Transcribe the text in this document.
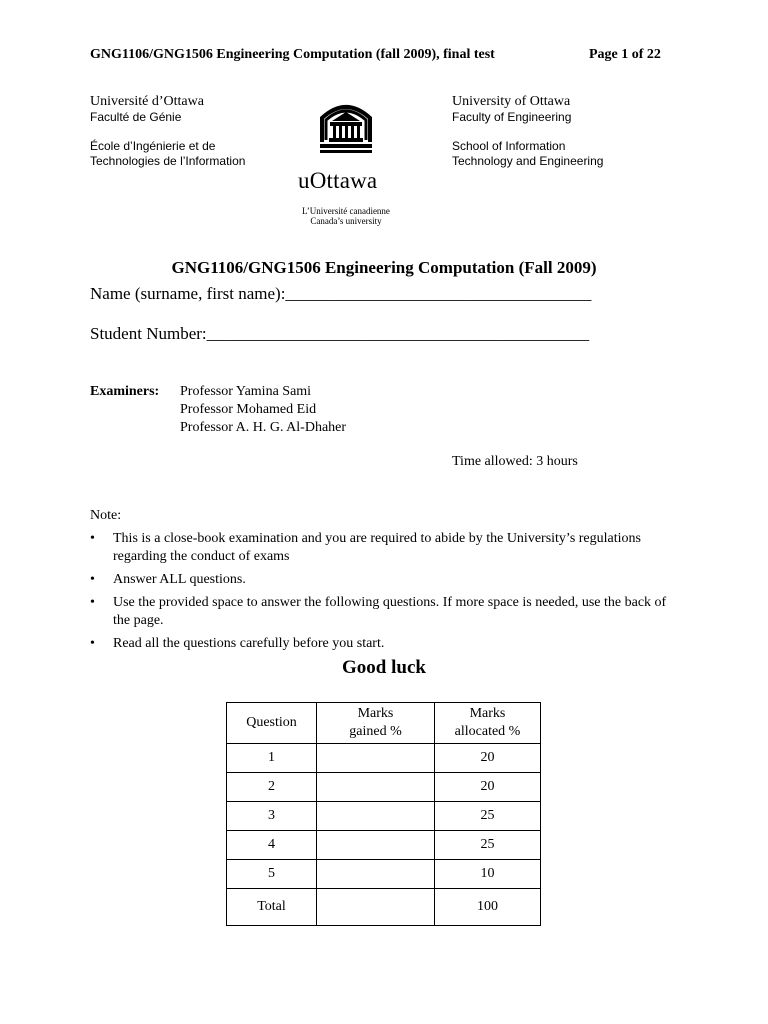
GNG1106/GNG1506 Engineering Computation (fall 2009), final test	Page 1 of 22
Université d’Ottawa
Faculté de Génie
École d’Ingénierie et de
Technologies de l’Information
University of Ottawa
Faculty of Engineering
School of Information
Technology and Engineering
uOttawa
L’Université canadienne
Canada’s university
GNG1106/GNG1506 Engineering Computation (Fall 2009)
Name (surname, first name):____________________________________
Student Number:_____________________________________________
Examiners: Professor Yamina Sami
Professor Mohamed Eid
Professor A. H. G. Al-Dhaher
Time allowed: 3 hours
Note:
• This is a close-book examination and you are required to abide by the University’s regulations regarding the conduct of exams
• Answer ALL questions.
• Use the provided space to answer the following questions. If more space is needed, use the back of the page.
• Read all the questions carefully before you start.
Good luck
Question	Marks gained %	Marks allocated %

1		20
2		20
3		25
4		25
5		10
Total		100
